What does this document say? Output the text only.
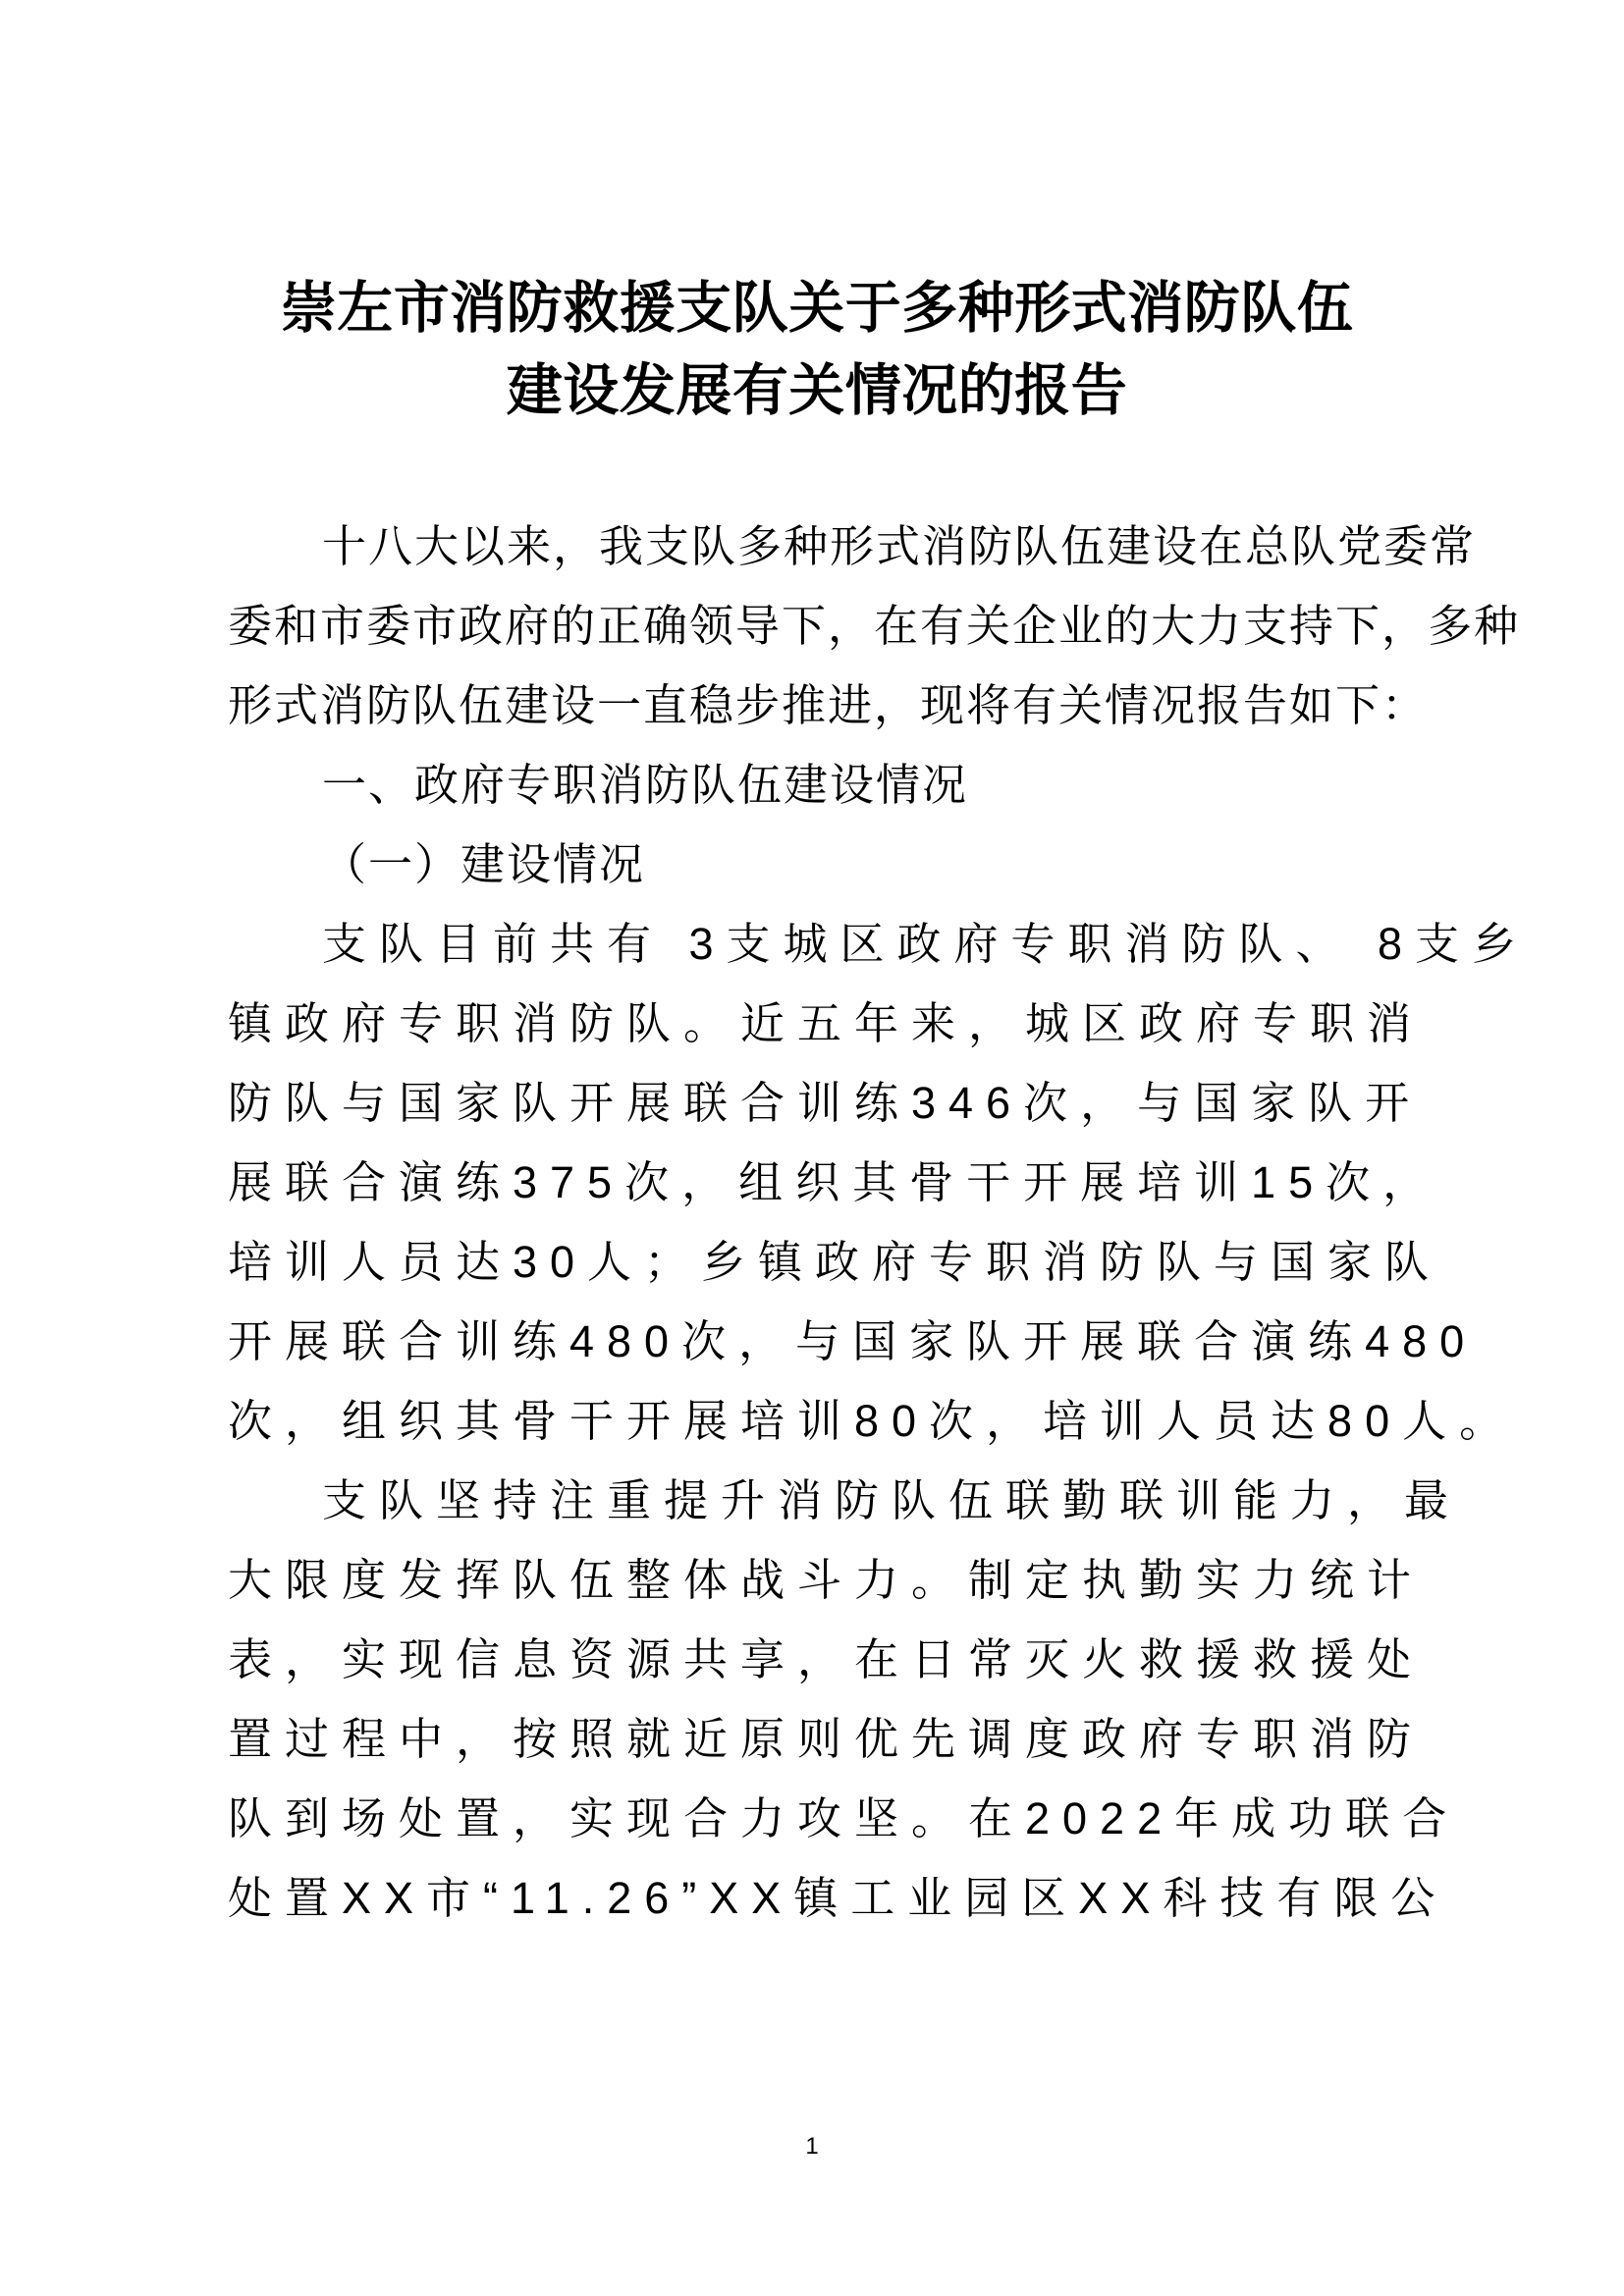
崇左市消防救援支队关于多种形式消防队伍
建设发展有关情况的报告
十八大以来，我支队多种形式消防队伍建设在总队党委常
委和市委市政府的正确领导下，在有关企业的大力支持下，多种
形式消防队伍建设一直稳步推进，现将有关情况报告如下：
一、政府专职消防队伍建设情况
（一）建设情况
支队目前共有 3支城区政府专职消防队、 8支乡
镇政府专职消防队。近五年来，城区政府专职消
防队与国家队开展联合训练346次，与国家队开
展联合演练375次，组织其骨干开展培训15次，
培训人员达30人；乡镇政府专职消防队与国家队
开展联合训练480次，与国家队开展联合演练480
次，组织其骨干开展培训80次，培训人员达80人。
支队坚持注重提升消防队伍联勤联训能力，最
大限度发挥队伍整体战斗力。制定执勤实力统计
表，实现信息资源共享，在日常灭火救援救援处
置过程中，按照就近原则优先调度政府专职消防
队到场处置，实现合力攻坚。在2022年成功联合
处置XX市“11.26”XX镇工业园区XX科技有限公
1
